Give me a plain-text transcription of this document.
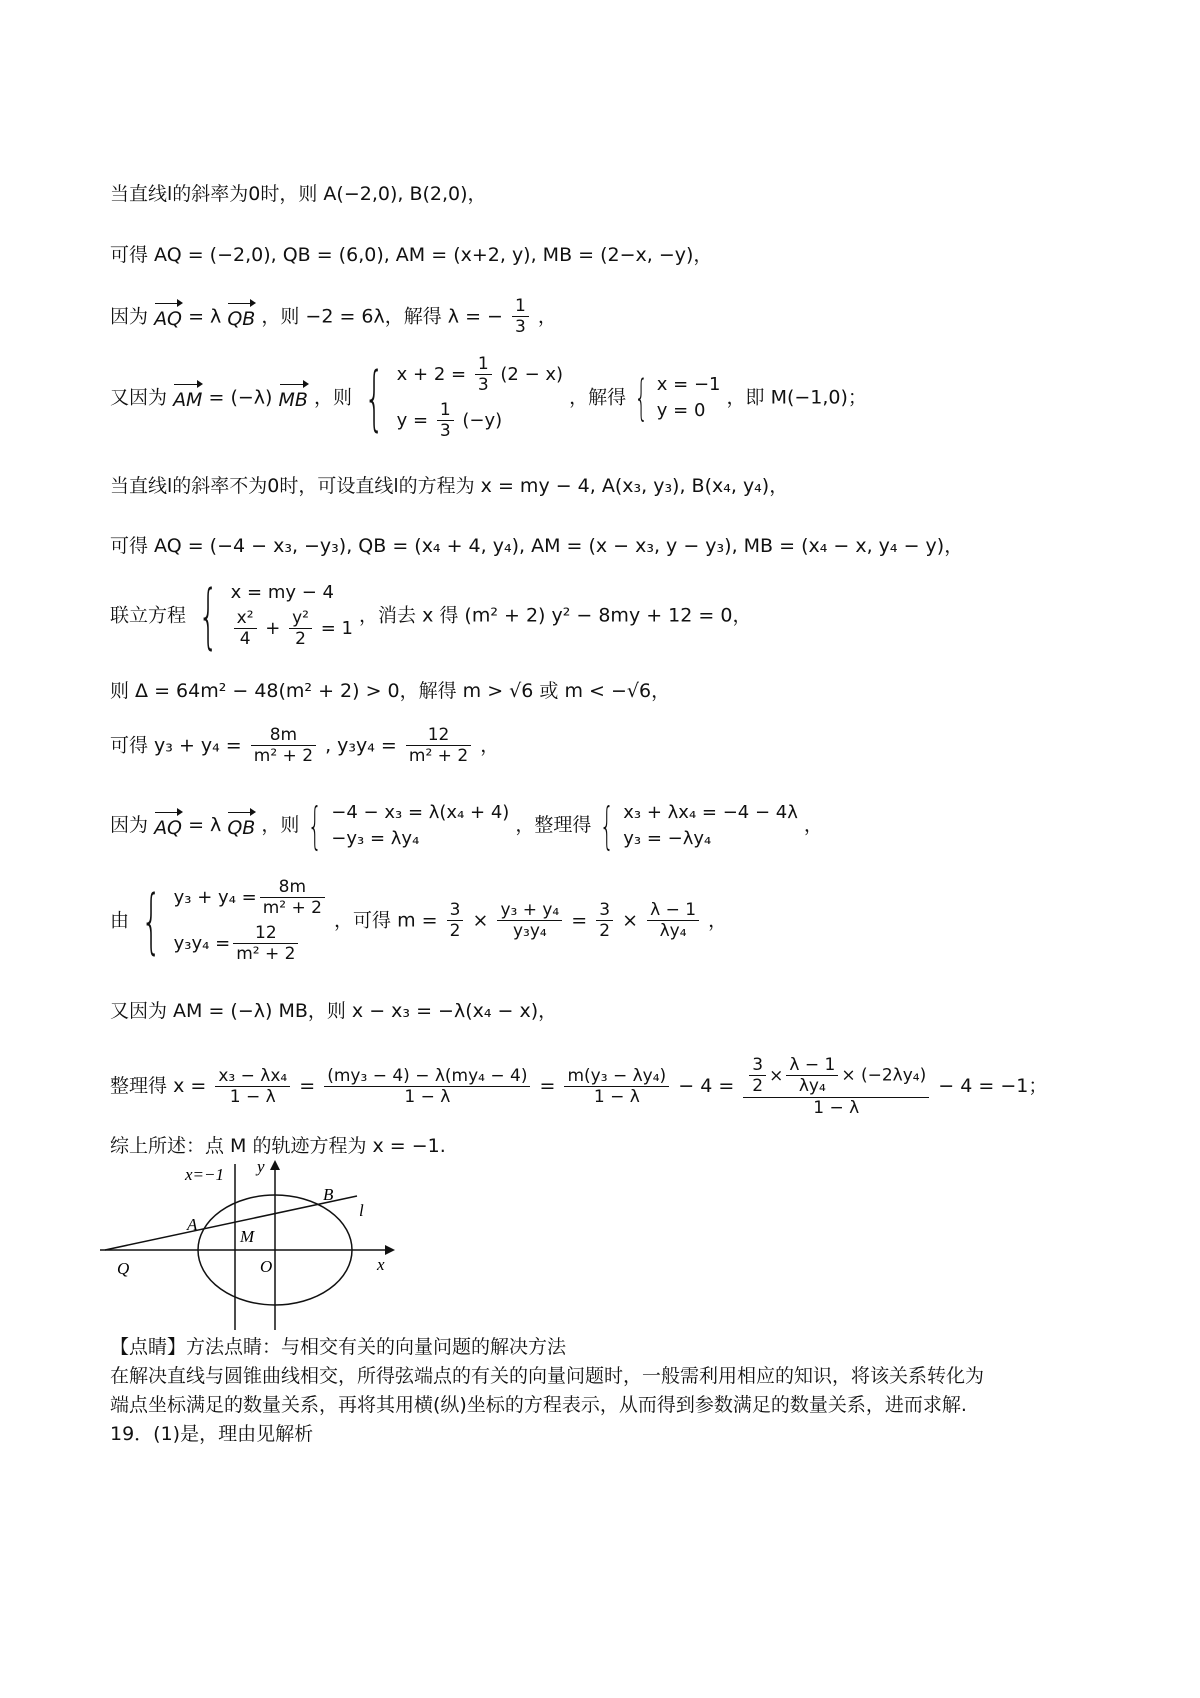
当直线l的斜率为0时，则 A(−2,0), B(2,0)，
可得 AQ = (−2,0), QB = (6,0), AM = (x+2, y), MB = (2−x, −y)，
因为 AQ = λ QB ，则 −2 = 6λ，解得 λ = − $\frac{1}{3}$ ，
又因为 AM = (−λ) MB ，则 { $x + 2 = \frac{1}{3} (2 - x)$
$y = \frac{1}{3} (-y)$
，解得 { x = −1
y = 0
，即 M(−1,0)；
当直线l的斜率不为0时，可设直线l的方程为 x = my − 4, A(x₃, y₃), B(x₄, y₄)，
可得 AQ = (−4 − x₃, −y₃), QB = (x₄ + 4, y₄), AM = (x − x₃, y − y₃), MB = (x₄ − x, y₄ − y)，
联立方程 { x = my − 4
$\frac{\text{x²}}{4} + \frac{\text{y²}}{2} = 1$
，消去 x 得 (m² + 2) y² − 8my + 12 = 0，
则 Δ = 64m² − 48(m² + 2) > 0，解得 m > √6 或 m < −√6，
可得 $y_3 + y_4 = \frac{8m}{\text{m² + 2}}$ , $y_3y_4 = \frac{12}{\text{m² + 2}}$ ，
因为 AQ = λ QB ，则 { −4 − x₃ = λ(x₄ + 4)
−y₃ = λy₄
，整理得 { x₃ + λx₄ = −4 − 4λ
y₃ = −λy₄
，
由 { $y_3 + y_4 = \frac{8m}{\text{m² + 2}}$
$y_3y_4 = \frac{12}{\text{m² + 2}}$
，可得 $m = \frac{3}{2} \times \frac{\text{y₃ + y₄}}{\text{y₃y₄}} = \frac{3}{2} \times \frac{\lambda - 1}{\text{λy₄}}$ ，
又因为 AM = (−λ) MB，则 x − x₃ = −λ(x₄ − x)，
整理得 $x = \frac{\text{x₃ − λx₄}}{1 - \lambda} = \frac{\text{(my₃ − 4) − λ(my₄ − 4)}}{1 - \lambda} = \frac{\text{m(y₃ − λy₄)}}{1 - \lambda} - 4 = \frac{\frac{3}{2} \times \frac{\lambda - 1}{\text{λy₄}} \times (-2\lambda y_4)}{1 - \lambda} - 4 = -1$；
综上所述：点 M 的轨迹方程为 x = −1.
x=−1 y
x
B
l
A
M
Q	O
【点睛】方法点睛：与相交有关的向量问题的解决方法
在解决直线与圆锥曲线相交，所得弦端点的有关的向量问题时，一般需利用相应的知识，将该关系转化为
端点坐标满足的数量关系，再将其用横(纵)坐标的方程表示，从而得到参数满足的数量关系，进而求解.
19．(1)是，理由见解析
